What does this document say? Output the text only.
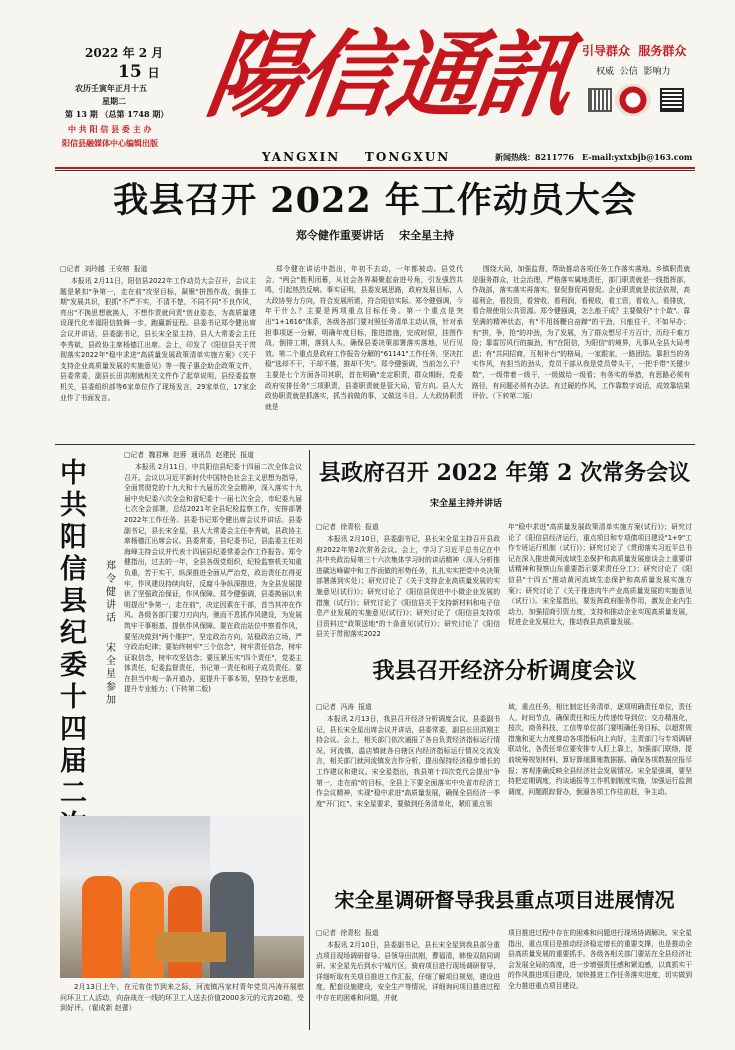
2022 年 2 月
15 日
农历壬寅年正月十五
星期二
第 13 期 （总第 1748 期）
中 共 阳 信 县 委 主 办
阳信县融媒体中心编辑出版
陽信通訊
YANGXIN    TONGXUN
引导群众  服务群众
权威  公信  影响力
新闻热线：8211776 E-mail:yxtxbjb@163.com
我县召开 2022 年工作动员大会
郑令健作重要讲话    宋全星主持
□记者  刘玲越  王安榕  报道

本报讯 2月11日，阳信县2022年工作动员大会召开，会议主题是紧扣"争第一，走在前"攻坚目标，凝聚"拼图作战，倒排工期"发展共识，狠抓"不严不实，不清不楚，不同不同"不良作风，亮出"不换思想就换人，不想作责就问责"创业姿态，为高质量建设现代化幸福阳信鼓舞一步，跑赢新征程。县委书记郑令健出席会议并讲话，县委副书记，县长宋全星主持，县人大常委会主任李秀斌，县政协主席杨德江出席。会上，印发了《阳信县关于贯彻落实2022年"稳中求进"高质量发展政策清单实施方案》《关于支持企业高质量发展的实施意见》等一揽子惠企助企政策文件，县委常委，副县长田洪刚就相关文件作了起草说明，县经委监察机关，县委组织部等6家单位作了现场发言，29家单位，17家企业作了书面发言。

郑令健在讲话中指出，年初不去动，一年都被动。县党代会，"两会"胜利闭幕，从社会各界凝聚起奋进号角，引发强烈共鸣，引起热烈反响。事实证明，县委发展思路，政府发展目标，人大政协努力方向，符合发展所需，符合阳信实际。郑令健强调，今年干什么？主要是两项重点目标任务。第一个重点是突出"1+1616"体系，各级各部门要对照任务清单主动认领，针对承担事项逐一分解，明确年度目标，推进措施，完成时限，挂图作战，倒排工期，落到人头，确保县委决策部署落实落地，见行见效。第二个重点是政府工作报告分解的"61141"工作任务，坚决扛稳"选却不干，干却不推，推却不失"。郑令健强调，当前怎么干？主要是七个方面各司其职，首在明确"走定职责，群众期盼，党委政府安排任务"三项职责，县委职责就是管大局，管方向。县人大政协职责就是抓落实，抓当前做的事，又做这斗目。人大政协职责就是

围绕大局，加强监督，帮助推动各项任务工作落实落地。乡镇职责就是服务群众，社会治理，严格落实属地责任，部门职责就是一线指挥部，作战部，落实落实再落实，督促督促再督促。企业职责就是依法依规，高福利企，看投资，看营收，看利润，看税收，看工资，看收入，看排放，看合规使用公共资源。郑令健强调，怎么能干成？主要做好"十个敢"。靠坚满的精神状态，有"不用扬鞭自奋蹄"的干劲，只能往干，不如早办；有"拼，争，抢"的冲劲，为了发展，为了群众想尽千方百计，历经千难万险；靠雷厉风行的搞劲，有"在阳信，为阳信"的境界，凡事从全县大局考虑；有"共同招商，互相补台"的格局，一家跟家，一路团结。靠担当的务实作风，有担当的劲头，党员干部从我是党员带头干，一把手带"关键少数"，一级带着一级干，一级做给一级看；有务实的举措，有思路必须有路径，有问题必须有办法。有过硬的作风，工作靠数字说话，成效靠结果评价。（下转第二版）

中共阳信县纪委十四届二
郑令健讲话
宋全星参加
□记者  魏君琳  赵蓉  通讯员  赵建民  报道

本报讯 2月11日，中共阳信县纪委十四届二次全体会议召开。会议以习近平新时代中国特色社会主义思想为指导，全面贯彻党的十九大和十九届历次全会精神，深入落实十九届中央纪委六次全会和省纪委十一届七次全会，市纪委九届七次全会部署，总结2021年全县纪检监察工作，安排部署2022年工作任务。县委书记郑令健出席会议并讲话。县委副书记，县长宋全星，县人大常委会主任李秀斌，县政协主席杨德江出席会议。县委常委，县纪委书记，县监委主任刘海峰主持会议并代表十四届县纪委常委会作工作报告。郑令健指出，过去的一年，全县各级党组织，纪检监察机关知重负重，苦干实干，纵深推进全面从严治党，政治责任扛得更牢，作风建设持续向好，反腐斗争纵深推进，为全县发展提供了坚强政治保证，作风保障。郑令健强调，县委换届以来明提出"争第一，走在前"，决定因素在干部，首当其冲在作风。各级各部门要刀刃向内，驰而不息抓作风建设，为发展筑牢干事根基，提供作风保障。要在政治站位中察看作风，要坚决做到"两个维护"，坚定政治方向，站稳政治立场，严守政治纪律；要始终树牢"三个信念"，树牢责任信念，树牢证取信念，树牢攻坚信念；要压紧压实"四个责任"，党委主体责任，纪委监督责任，书记第一责任和班子成员责任。要在担当中观一条开道办，更提升干事本领，坚持专业思维，提升专业能力；(下转第二版)

2月13日上午，在元宵佳节到来之际，河流镇冯家村青年党员冯涛开展慰问环卫工人活动，向奋战在一线的环卫工人送去价值2000多元的元宵20箱，受到好评。（翟成新 赵蕾）

县政府召开 2022 年第 2 次常务会议
宋全星主持并讲话
□记者  徐青松  报道

本报讯 2月10日，县委副书记，县长宋全星主持召开县政府2022年第2次常务会议。会上，学习了习近平总书记在中共中央政治局第三十六次集体学习时的讲话精神（深入分析推进碳达峰碳中和工作而做的形势任务，扎扎实实把党中央决策部署落到实处）；研究讨论了《关于支持企业高质量发展的实施意见(试行)》；研究讨论了《阳信县促进中小微企业发展的措施（试行)》；研究讨论了《阳信县关于支持新材料和电子信息产业发展的实施意见(试行)》；研究讨论了《阳信县支持项目资料过"政策送地"的十条意见(试行)》；研究讨论了《阳信县关于贯彻落实2022

年"稳中求进"高质量发展政策清单实施方案(试行)》；研究讨论了《阳信县经济运行，重点项目和专项债项目建设"1+9"工作专班运行机制（试行)》；研究讨论了《贯彻落实习近平总书记在深入推进黄河流域生态保护和高质量发展座谈会上重要讲话精神和视察山东重要指示要求责任分工》；研究讨论了《阳信县"十四五"推动黄河流域生态保护和高质量发展实施方案》；研究讨论了《关于推进肉牛产业高质量发展的实施意见（试行）》。宋全星指出，要发挥政府服务作用，激发企业内生动力，加强招商引资力度，支持和推动企业实现高质量发展，促进企业发展壮大，推动我县高质量发展。

我县召开经济分析调度会议
□记者  冯涛  报道

本报讯 2月13日，我县召开经济分析调度会议，县委副书记，县长宋全星出席会议并讲话，县委常委，副县长田洪刚主持会议。会上，相关部门依次通报了各自负责经济指标运行情况，河流镇，温店镇就各自辖区内经济指标运行情况交流发言，相关部门就河流镇发言作分析，提出保持经济稳步增长的工作建议和建议。宋全星指出，我县第十四次党代会提出"争第一，走在前"的目标，全县上下要全面落实中央省市经济工作会议精神，实现"稳中求进"高质量发展，确保全县经济一季度"开门红"。宋全星要求，要做到任务清单化，紧盯重点领

域，重点任务，相比制定任务清单，逐项明确责任单位，责任人，时间节点，确保责任和压力传递传导到位；交办精准化，按次，商务科技，工信等单位部门要明确任务目标，以超常规措施和更大力度推动各项指标向上向好，主责部门与专项调研联动化，各责任单位要安排专人盯上靠上，加强部门联络，提前统筹规划材料，算好算细算账数据据。确保各项数据应报尽报；客观准确反映全县经济社会发展情况。宋全星强调，要坚持把定期调度，约谈通报等工作机制制度实施，加强运行监测调度，问题跟踪督办，倒逼各项工作往前赶，争主动。

宋全星调研督导我县重点项目进展情况
□记者  徐青松  报道

本报讯 2月10日，县委副书记，县长宋全星到我县部分重点项目现场调研督导。县领导田洪刚，曹福清，韩俊双陪同调研。宋全星先后到水宁城片区，骑府项目进行现场调研督导，详细听取有关项目推进工作汇报，仔细了解项目规划，建设进度，配套设施建设，安全生产等情况，详细询问项目推进过程中存在的困难和问题，并就

项目推进过程中存在的困难和问题进行现场协调解决。宋全星指出，重点项目是推动经济稳定增长的重要支撑，也是推动全县高质量发展的重要抓手。各级各相关部门要站在全县经济社会发展全局的高度，进一步增强责任感和紧迫感，以真抓实干的作风推进项目建设，加快推进工作任务落实进度，切实做到全力推进重点项目建设。
